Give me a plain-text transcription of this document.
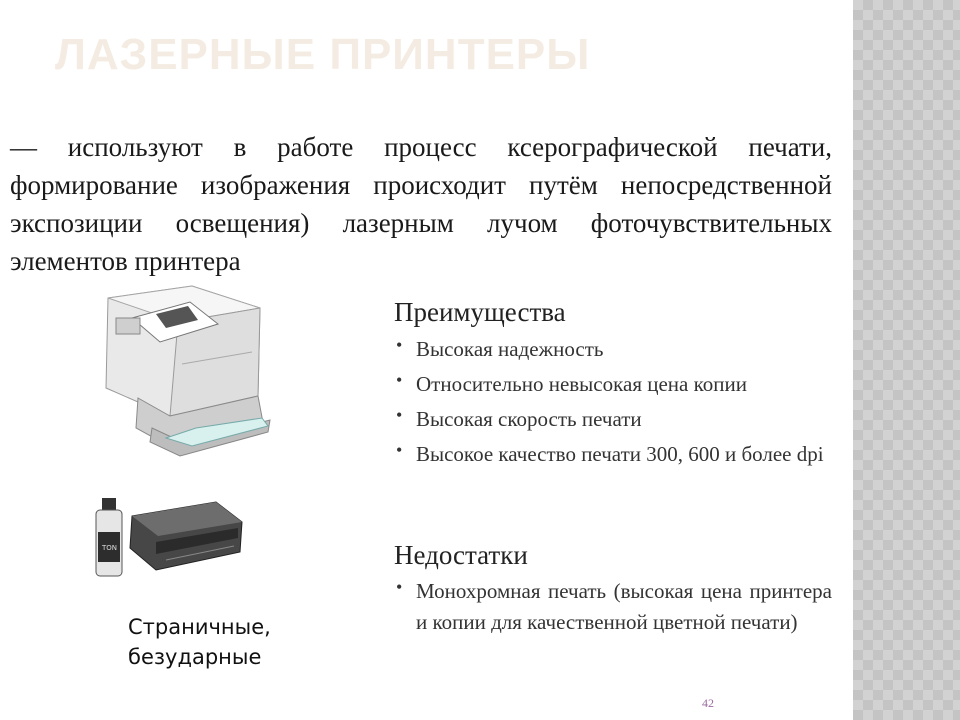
ЛАЗЕРНЫЕ ПРИНТЕРЫ

— используют в работе процесс ксерографической печати, формирование изображения происходит путём непосредственной экспозиции освещения) лазерным лучом фоточувствительных элементов принтера

TON
Преимущества
• Высокая надежность
• Относительно невысокая цена копии
• Высокая скорость печати
• Высокое качество печати 300, 600 и более dpi
Недостатки
• Монохромная печать (высокая цена принтера и копии для качественной цветной печати)

Страничные,
безударные

42
